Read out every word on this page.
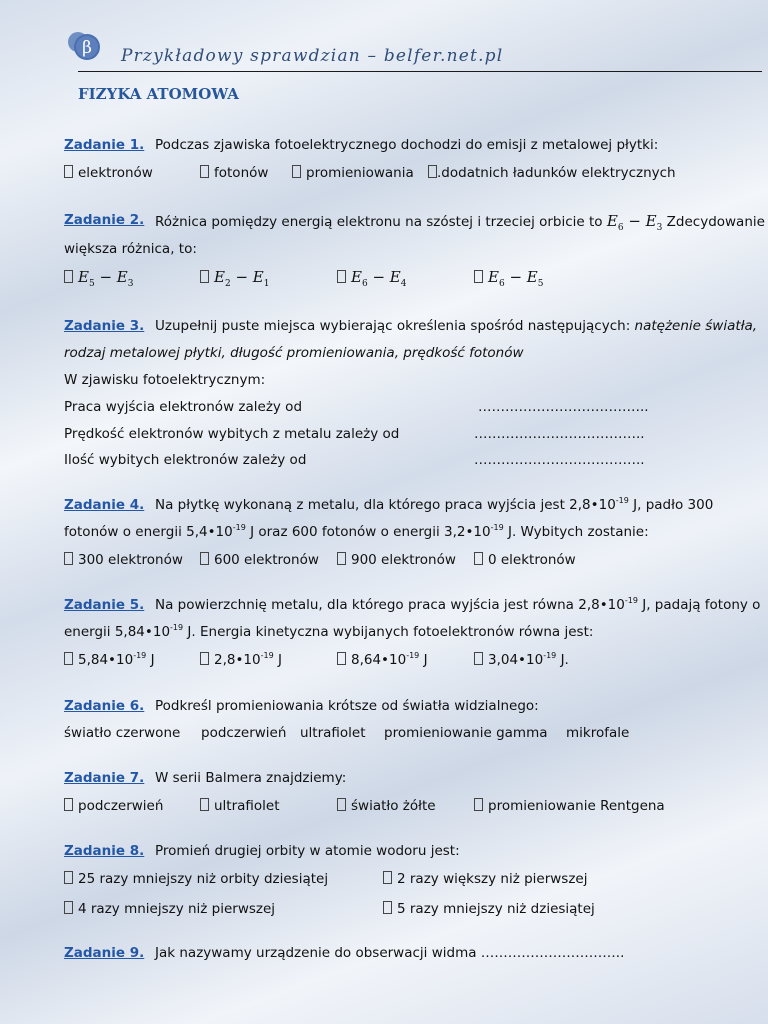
β Przykładowy sprawdzian – belfer.net.pl
FIZYKA ATOMOWA
Zadanie 1. Podczas zjawiska fotoelektrycznego dochodzi do emisji z metalowej płytki:
elektronów	fotonów	promieniowania	.dodatnich ładunków elektrycznych
Zadanie 2. Różnica pomiędzy energią elektronu na szóstej i trzeciej orbicie to $E_6 - E_3$ Zdecydowanie
większa różnica, to:
$E_5 - E_3$	$E_2 - E_1$	$E_6 - E_4$	$E_6 - E_5$
Zadanie 3. Uzupełnij puste miejsca wybierając określenia spośród następujących: natężenie światła,
rodzaj metalowej płytki, długość promieniowania, prędkość fotonów
W zjawisku fotoelektrycznym:
Praca wyjścia elektronów zależy od	………………………………..
Prędkość elektronów wybitych z metalu zależy od	………………………………..
Ilość wybitych elektronów zależy od	………………………………..
Zadanie 4. Na płytkę wykonaną z metalu, dla którego praca wyjścia jest $2,8•10^{-19}$ J, padło 300
fotonów o energii $5,4•10^{-19}$ J oraz 600 fotonów o energii $3,2•10^{-19}$ J. Wybitych zostanie:
300 elektronów	600 elektronów	900 elektronów	0 elektronów
Zadanie 5. Na powierzchnię metalu, dla którego praca wyjścia jest równa $2,8•10^{-19}$ J, padają fotony o
energii $5,84•10^{-19}$ J. Energia kinetyczna wybijanych fotoelektronów równa jest:
$5,84•10^{-19}$ J	$2,8•10^{-19}$ J	$8,64•10^{-19}$ J	$3,04•10^{-19}$ J.
Zadanie 6. Podkreśl promieniowania krótsze od światła widzialnego:
światło czerwone podczerwień ultrafiolet promieniowanie gamma mikrofale
Zadanie 7. W serii Balmera znajdziemy:
podczerwień	ultrafiolet	światło żółte	promieniowanie Rentgena
Zadanie 8. Promień drugiej orbity w atomie wodoru jest:
25 razy mniejszy niż orbity dziesiątej	2 razy większy niż pierwszej
4 razy mniejszy niż pierwszej	5 razy mniejszy niż dziesiątej
Zadanie 9. Jak nazywamy urządzenie do obserwacji widma …………………………..
